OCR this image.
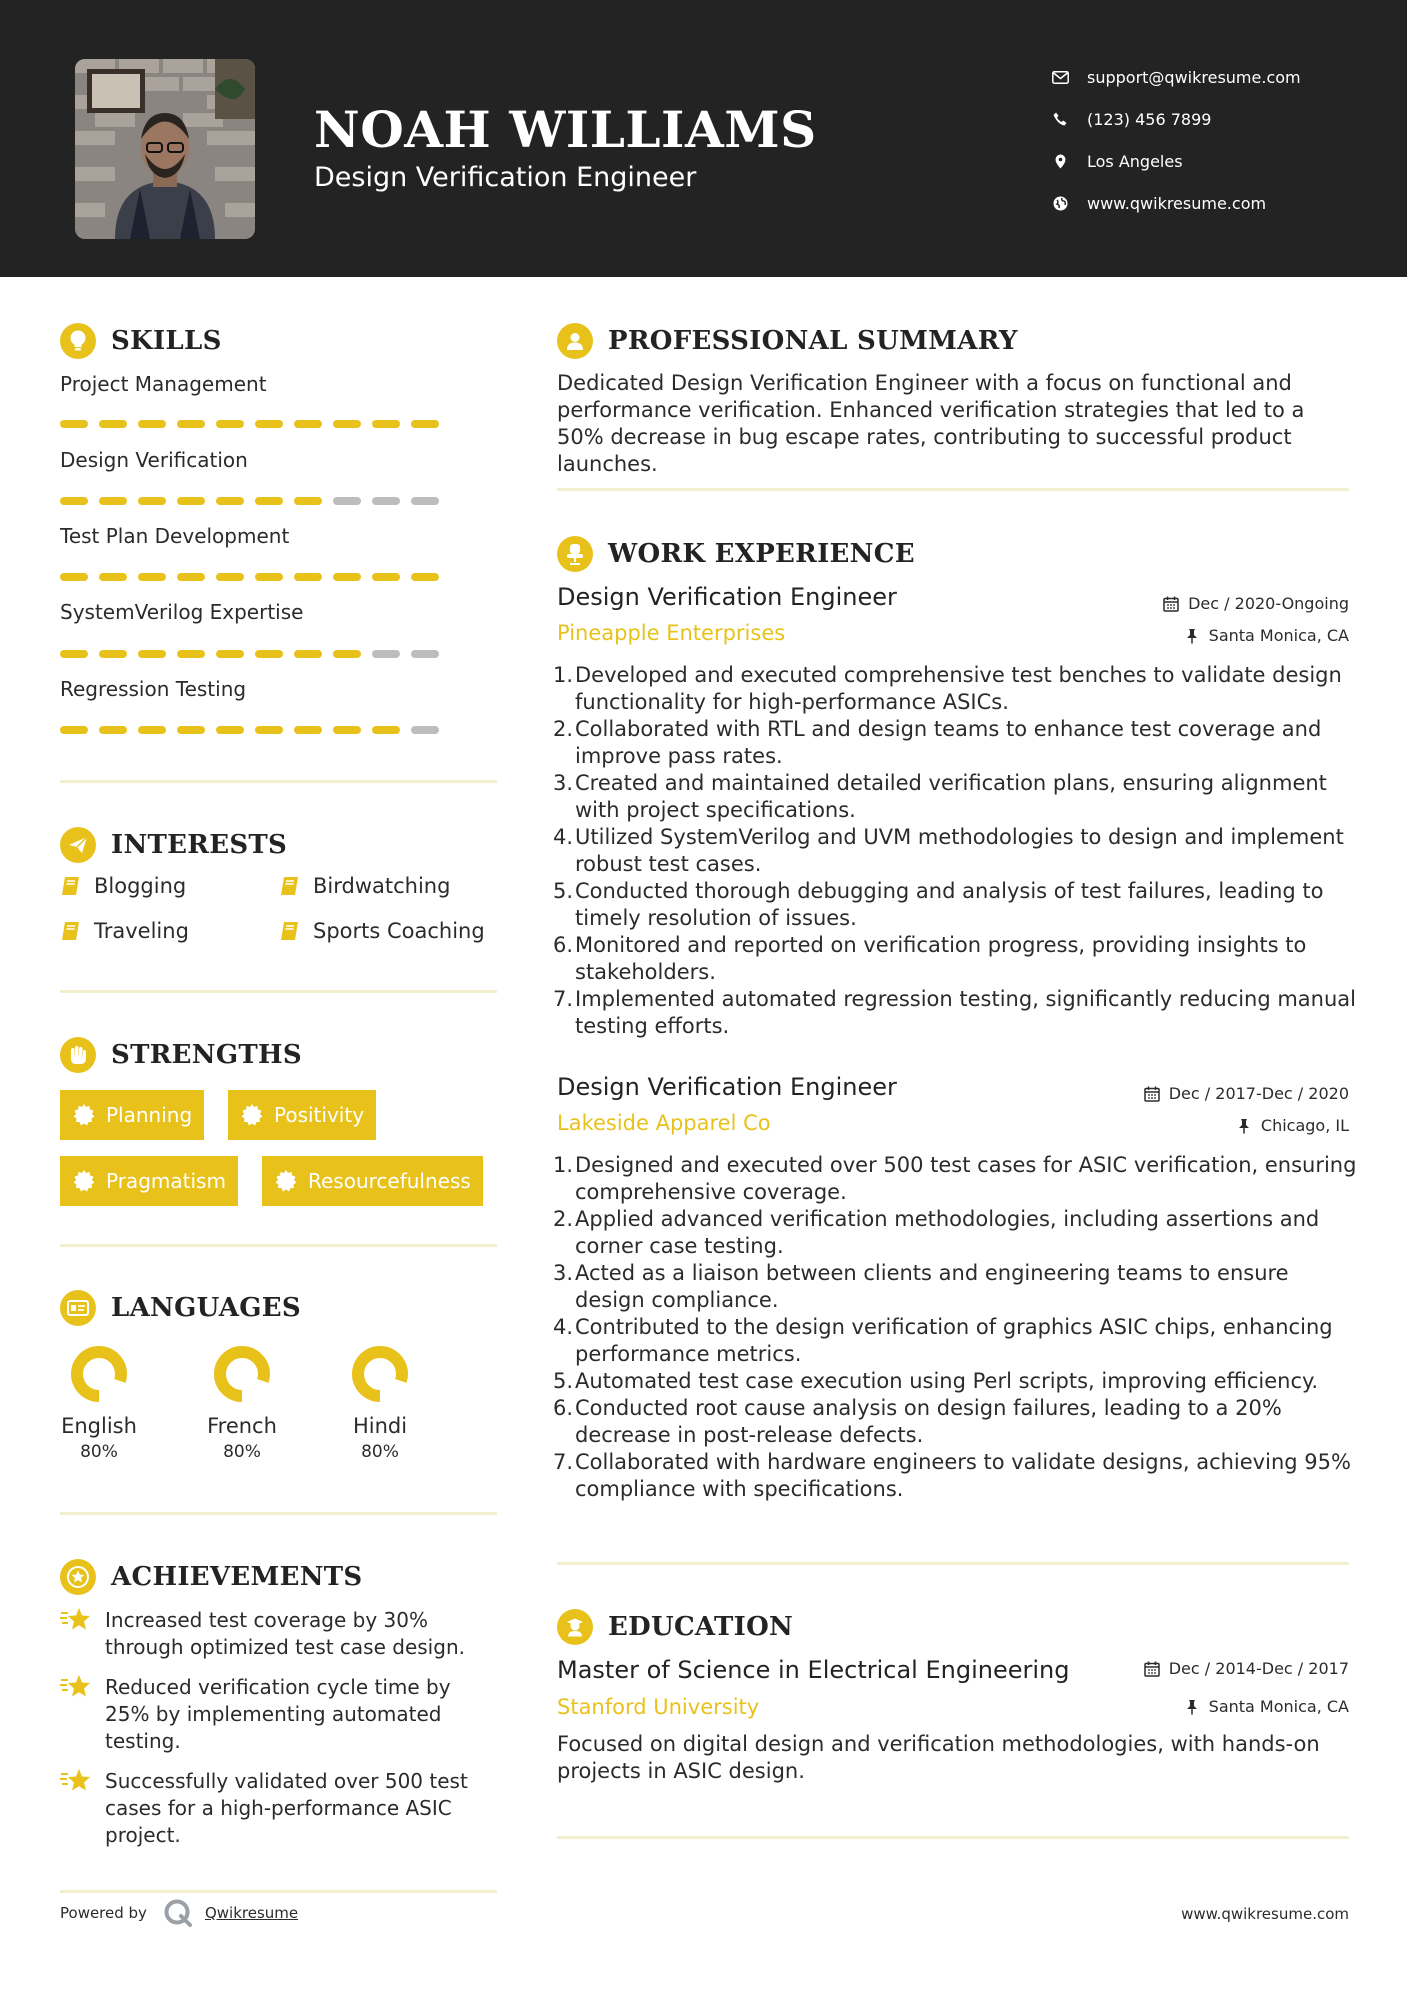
NOAH WILLIAMS
Design Verification Engineer
support@qwikresume.com
(123) 456 7899
Los Angeles
www.qwikresume.com
SKILLS
Project Management
Design Verification
Test Plan Development
SystemVerilog Expertise
Regression Testing
INTERESTS
Blogging	Birdwatching
Traveling	Sports Coaching
STRENGTHS
Planning	Positivity
Pragmatism	Resourcefulness
LANGUAGES
English
80%
French
80%
Hindi
80%
ACHIEVEMENTS
Increased test coverage by 30% through optimized test case design.
Reduced verification cycle time by 25% by implementing automated testing.
Successfully validated over 500 test cases for a high-performance ASIC project.
PROFESSIONAL SUMMARY
Dedicated Design Verification Engineer with a focus on functional and performance verification. Enhanced verification strategies that led to a 50% decrease in bug escape rates, contributing to successful product launches.
WORK EXPERIENCE
Design Verification Engineer	Dec / 2020-Ongoing
Pineapple Enterprises	Santa Monica, CA
1. Developed and executed comprehensive test benches to validate design functionality for high-performance ASICs.
2. Collaborated with RTL and design teams to enhance test coverage and improve pass rates.
3. Created and maintained detailed verification plans, ensuring alignment with project specifications.
4. Utilized SystemVerilog and UVM methodologies to design and implement robust test cases.
5. Conducted thorough debugging and analysis of test failures, leading to timely resolution of issues.
6. Monitored and reported on verification progress, providing insights to stakeholders.
7. Implemented automated regression testing, significantly reducing manual testing efforts.
Design Verification Engineer	Dec / 2017-Dec / 2020
Lakeside Apparel Co	Chicago, IL
1. Designed and executed over 500 test cases for ASIC verification, ensuring comprehensive coverage.
2. Applied advanced verification methodologies, including assertions and corner case testing.
3. Acted as a liaison between clients and engineering teams to ensure design compliance.
4. Contributed to the design verification of graphics ASIC chips, enhancing performance metrics.
5. Automated test case execution using Perl scripts, improving efficiency.
6. Conducted root cause analysis on design failures, leading to a 20% decrease in post-release defects.
7. Collaborated with hardware engineers to validate designs, achieving 95% compliance with specifications.
EDUCATION
Master of Science in Electrical Engineering	Dec / 2014-Dec / 2017
Stanford University	Santa Monica, CA
Focused on digital design and verification methodologies, with hands-on projects in ASIC design.
Powered by	Qwikresume	www.qwikresume.com
